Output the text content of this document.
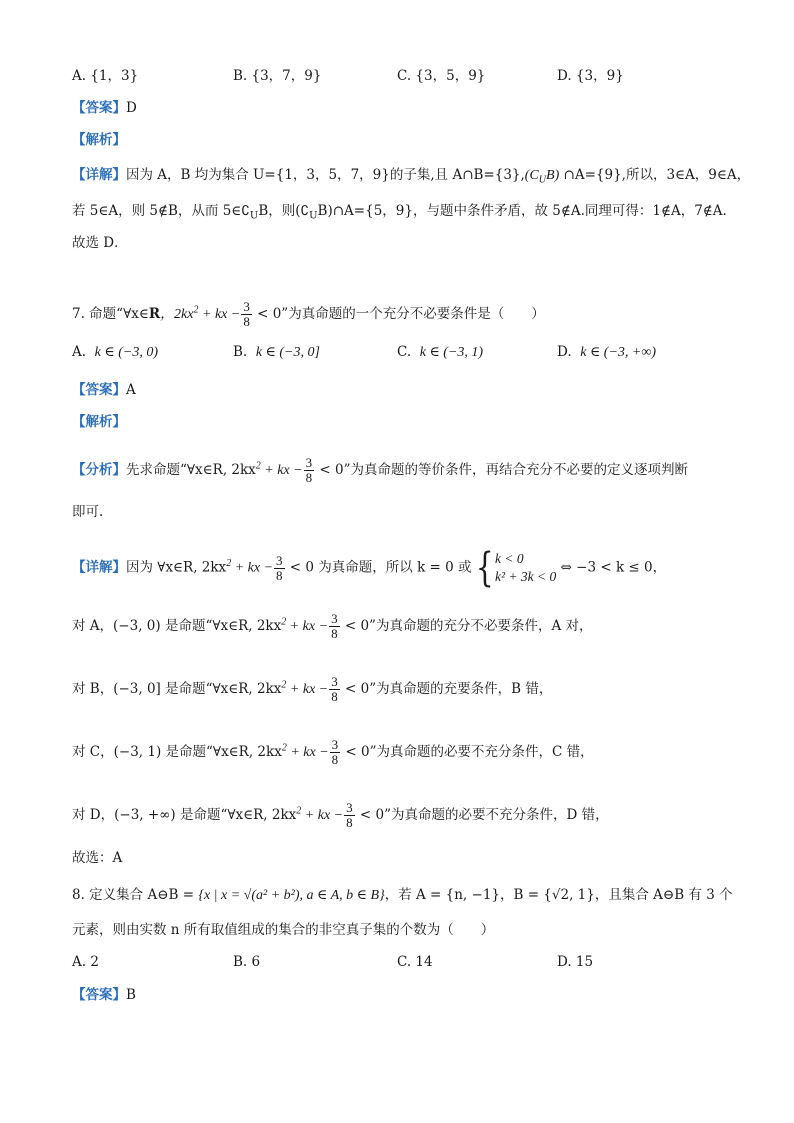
A. {1，3}	B. {3，7，9}	C. {3，5，9}	D. {3，9}
【答案】D
【解析】
【详解】因为 A，B 均为集合 U={1，3，5，7，9}的子集,且 $A\cap B=\{3\},(C_UB)$ ∩A={9},所以，3∈A，9∈A，
若 5∈A，则 5∉B，从而 $5\in∁_UB$，则$(∁_UB)\cap A=\{5$，9}，与题中条件矛盾，故 5∉A.同理可得：1∉A，7∉A.
故选 D．
7. 命题“∀x∈R，$2kx^2$ + kx − $\frac{3}{8} < 0$”为真命题的一个充分不必要条件是（　　）
A. k ∈ (−3, 0)	B. k ∈ (−3, 0]	C. k ∈ (−3, 1)	D. k ∈ (−3, +∞)
【答案】A
【解析】
【分析】先求命题“∀x∈R, $2kx^2$ + kx − $\frac{3}{8} < 0$”为真命题的等价条件，再结合充分不必要的定义逐项判断
即可.
【详解】因为 ∀x∈R, $2kx^2$ + kx − $\frac{3}{8} < 0$ 为真命题，所以 k = 0 或{ k < 0
k² + 3k < 0
⇔ −3 < k ≤ 0，
对 A，(−3, 0) 是命题“∀x∈R, $2kx^2$ + kx − $\frac{3}{8} < 0$”为真命题的充分不必要条件，A 对，
对 B，(−3, 0] 是命题“∀x∈R, $2kx^2$ + kx − $\frac{3}{8} < 0$”为真命题的充要条件，B 错，
对 C，(−3, 1) 是命题“∀x∈R, $2kx^2$ + kx − $\frac{3}{8} < 0$”为真命题的必要不充分条件，C 错，
对 D，(−3, +∞) 是命题“∀x∈R, $2kx^2$ + kx − $\frac{3}{8} < 0$”为真命题的必要不充分条件，D 错，
故选：A
8. 定义集合 A⊖B = {x | x = √(a² + b²), a ∈ A, b ∈ B}，若 A = {n, −1}，B = {√2, 1}，且集合 A⊖B 有 3 个
元素，则由实数 n 所有取值组成的集合的非空真子集的个数为（　　）
A. 2	B. 6	C. 14	D. 15
【答案】B
